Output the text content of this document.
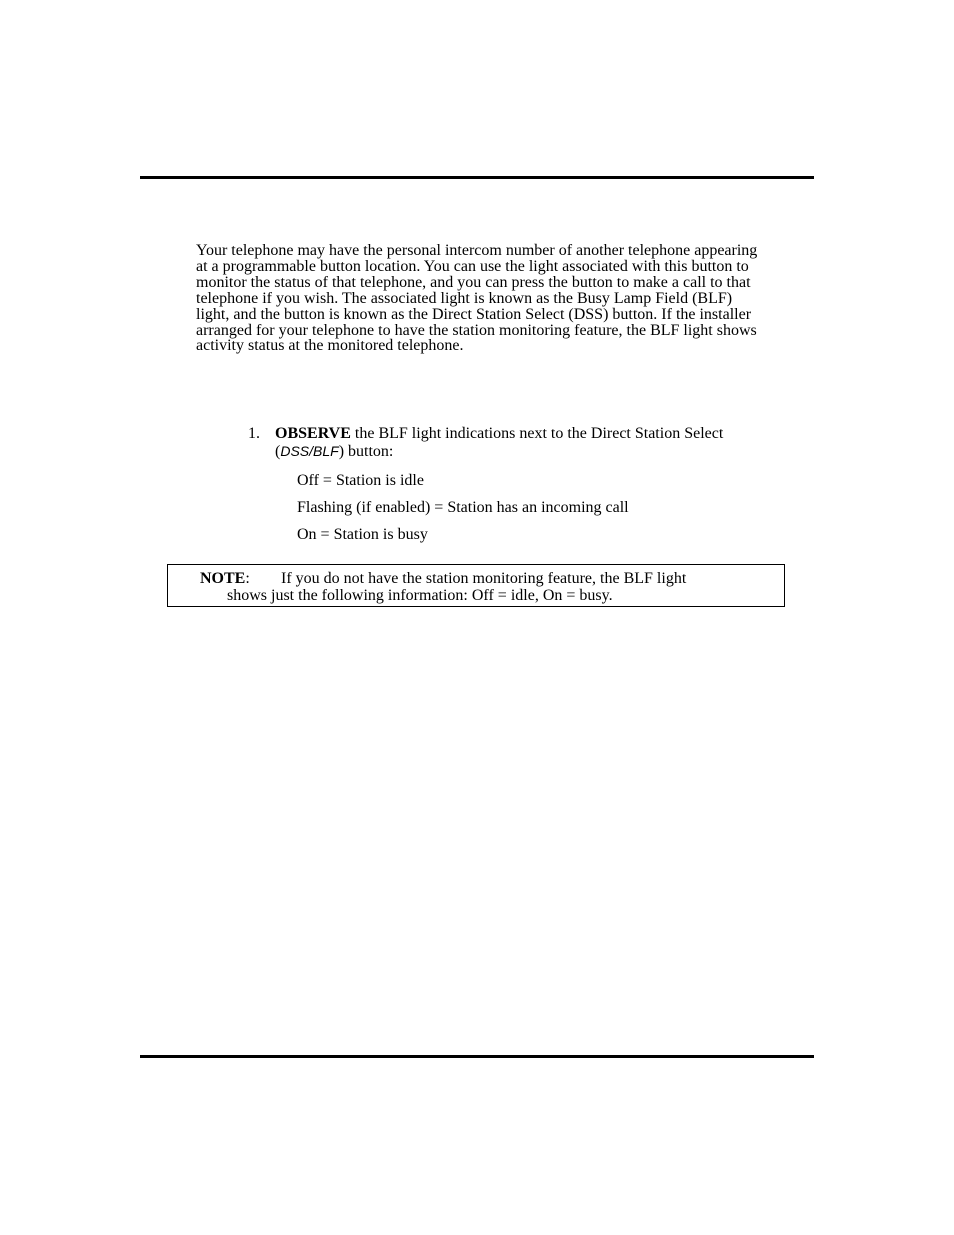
Your telephone may have the personal intercom number of another telephone appearing at a programmable button location. You can use the light associated with this button to monitor the status of that telephone, and you can press the button to make a call to that telephone if you wish. The associated light is known as the Busy Lamp Field (BLF) light, and the button is known as the Direct Station Select (DSS) button. If the installer arranged for your telephone to have the station monitoring feature, the BLF light shows activity status at the monitored telephone.

1. OBSERVE the BLF light indications next to the Direct Station Select (DSS/BLF) button:

Off = Station is idle

Flashing (if enabled) = Station has an incoming call

On = Station is busy

NOTE: If you do not have the station monitoring feature, the BLF light
shows just the following information: Off = idle, On = busy.
